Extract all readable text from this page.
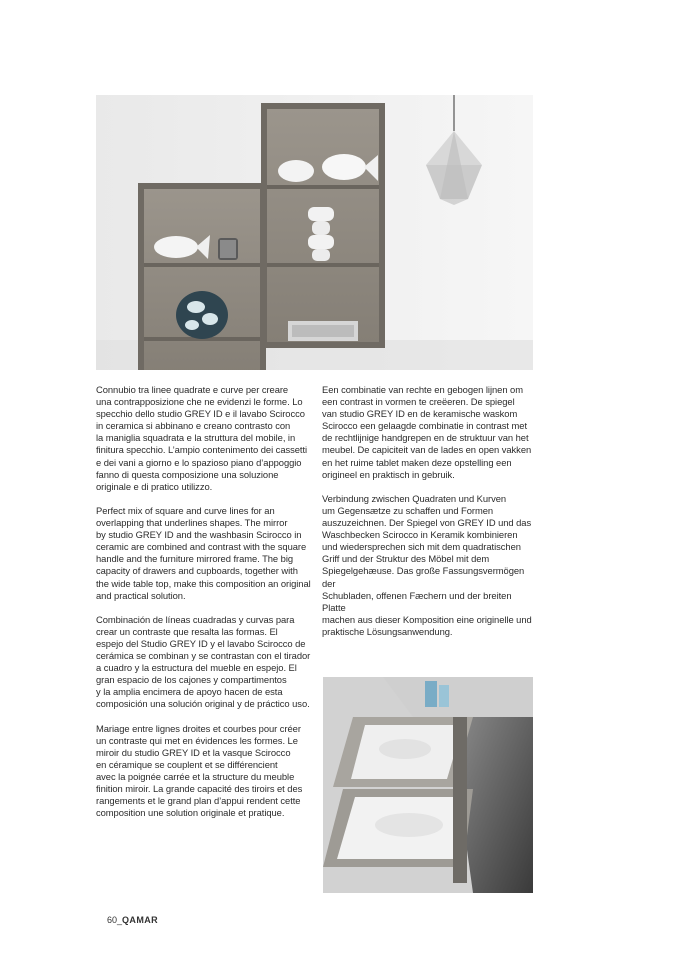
Connubio tra linee quadrate e curve per creare
una contrapposizione che ne evidenzi le forme. Lo
specchio dello studio GREY ID e il lavabo Scirocco
in ceramica si abbinano e creano contrasto con
la maniglia squadrata e la struttura del mobile, in
finitura specchio. L’ampio contenimento dei cassetti
e dei vani a giorno e lo spazioso piano d’appoggio
fanno di questa composizione una soluzione
originale e di pratico utilizzo.

Perfect mix of square and curve lines for an
overlapping that underlines shapes. The mirror
by studio GREY ID and the washbasin Scirocco in
ceramic are combined and contrast with the square
handle and the furniture mirrored frame. The big
capacity of drawers and cupboards, together with
the wide table top, make this composition an original
and practical solution.

Combinación de líneas cuadradas y curvas para
crear un contraste que resalta las formas. El
espejo del Studio GREY ID y el lavabo Scirocco de
cerámica se combinan y se contrastan con el tirador
a cuadro y la estructura del mueble en espejo. El
gran espacio de los cajones y compartimentos
y la amplia encimera de apoyo hacen de esta
composición una solución original y de práctico uso.

Mariage entre lignes droites et courbes pour créer
un contraste qui met en évidences les formes. Le
miroir du studio GREY ID et la vasque Scirocco
en céramique se couplent et se différencient
avec la poignée carrée et la structure du meuble
finition miroir. La grande capacité des tiroirs et des
rangements et le grand plan d’appui rendent cette
composition une solution originale et pratique.

Een combinatie van rechte en gebogen lijnen om
een contrast in vormen te creëeren. De spiegel
van studio GREY ID en de keramische waskom
Scirocco een gelaagde combinatie in contrast met
de rechtlijnige handgrepen en de struktuur van het
meubel. De capiciteit van de lades en open vakken
en het ruime tablet maken deze opstelling een
origineel en praktisch in gebruik.

Verbindung zwischen Quadraten und Kurven
um Gegensætze zu schaffen und Formen
auszuzeichnen. Der Spiegel von GREY ID und das
Waschbecken Scirocco in Keramik kombinieren
und wiedersprechen sich mit dem quadratischen
Griff und der Struktur des Möbel mit dem
Spiegelgehæuse. Das große Fassungsvermögen der
Schubladen, offenen Fæchern und der breiten Platte
machen aus dieser Komposition eine originelle und
praktische Lösungsanwendung.

60_QAMAR
